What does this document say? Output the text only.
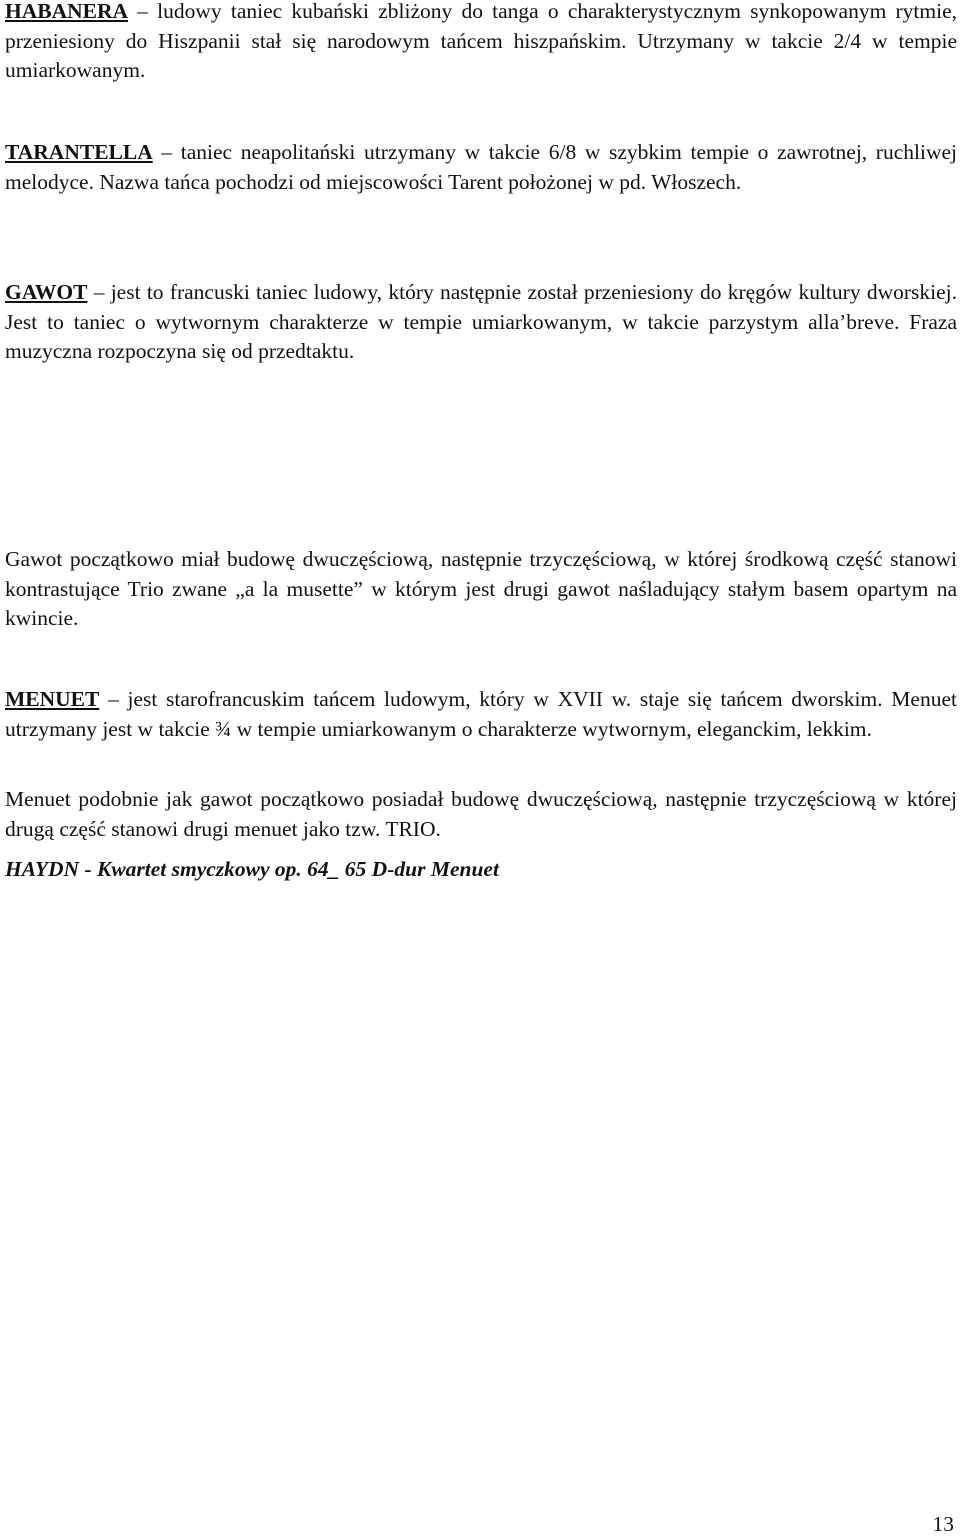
HABANERA – ludowy taniec kubański zbliżony do tanga o charakterystycznym synkopowanym rytmie, przeniesiony do Hiszpanii stał się narodowym tańcem hiszpańskim. Utrzymany w takcie 2/4 w tempie umiarkowanym.

TARANTELLA – taniec neapolitański utrzymany w takcie 6/8 w szybkim tempie o zawrotnej, ruchliwej melodyce. Nazwa tańca pochodzi od miejscowości Tarent położonej w pd. Włoszech.

GAWOT – jest to francuski taniec ludowy, który następnie został przeniesiony do kręgów kultury dworskiej. Jest to taniec o wytwornym charakterze w tempie umiarkowanym, w takcie parzystym alla’breve. Fraza muzyczna rozpoczyna się od przedtaktu.

Gawot początkowo miał budowę dwuczęściową, następnie trzyczęściową, w której środkową część stanowi kontrastujące Trio zwane „a la musette” w którym jest drugi gawot naśladujący stałym basem opartym na kwincie.

MENUET – jest starofrancuskim tańcem ludowym, który w XVII w. staje się tańcem dworskim. Menuet utrzymany jest w takcie ¾ w tempie umiarkowanym o charakterze wytwornym, eleganckim, lekkim.

Menuet podobnie jak gawot początkowo posiadał budowę dwuczęściową, następnie trzyczęściową w której drugą część stanowi drugi menuet jako tzw. TRIO.

HAYDN - Kwartet smyczkowy op. 64_ 65 D-dur Menuet

13
